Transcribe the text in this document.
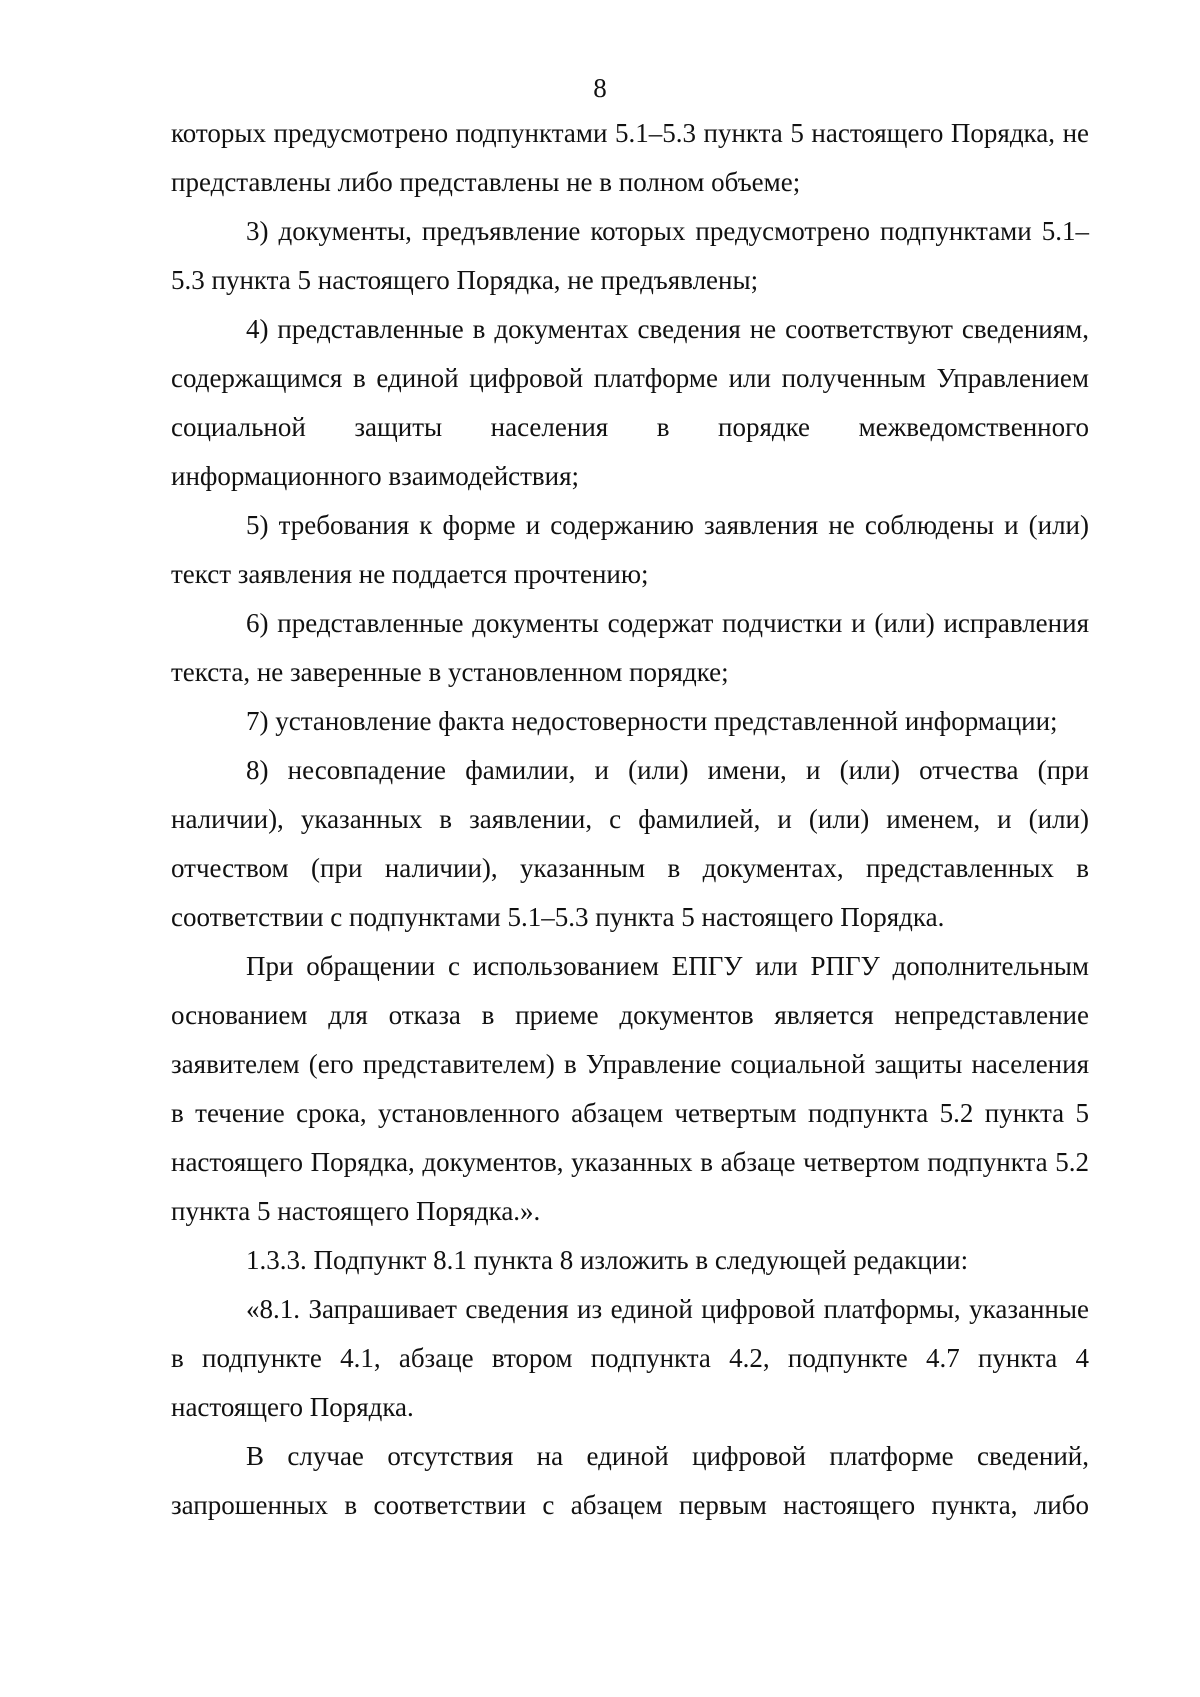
8

которых предусмотрено подпунктами 5.1–5.3 пункта 5 настоящего Порядка, не представлены либо представлены не в полном объеме;

3) документы, предъявление которых предусмотрено подпунктами 5.1–5.3 пункта 5 настоящего Порядка, не предъявлены;

4) представленные в документах сведения не соответствуют сведениям, содержащимся в единой цифровой платформе или полученным Управлением социальной защиты населения в порядке межведомственного информационного взаимодействия;

5) требования к форме и содержанию заявления не соблюдены и (или) текст заявления не поддается прочтению;

6) представленные документы содержат подчистки и (или) исправления текста, не заверенные в установленном порядке;

7) установление факта недостоверности представленной информации;

8) несовпадение фамилии, и (или) имени, и (или) отчества (при наличии), указанных в заявлении, с фамилией, и (или) именем, и (или) отчеством (при наличии), указанным в документах, представленных в соответствии с подпунктами 5.1–5.3 пункта 5 настоящего Порядка.

При обращении с использованием ЕПГУ или РПГУ дополнительным основанием для отказа в приеме документов является непредставление заявителем (его представителем) в Управление социальной защиты населения в течение срока, установленного абзацем четвертым подпункта 5.2 пункта 5 настоящего Порядка, документов, указанных в абзаце четвертом подпункта 5.2 пункта 5 настоящего Порядка.».

1.3.3. Подпункт 8.1 пункта 8 изложить в следующей редакции:

«8.1. Запрашивает сведения из единой цифровой платформы, указанные в подпункте 4.1, абзаце втором подпункта 4.2, подпункте 4.7 пункта 4 настоящего Порядка.

В случае отсутствия на единой цифровой платформе сведений, запрошенных в соответствии с абзацем первым настоящего пункта, либо
